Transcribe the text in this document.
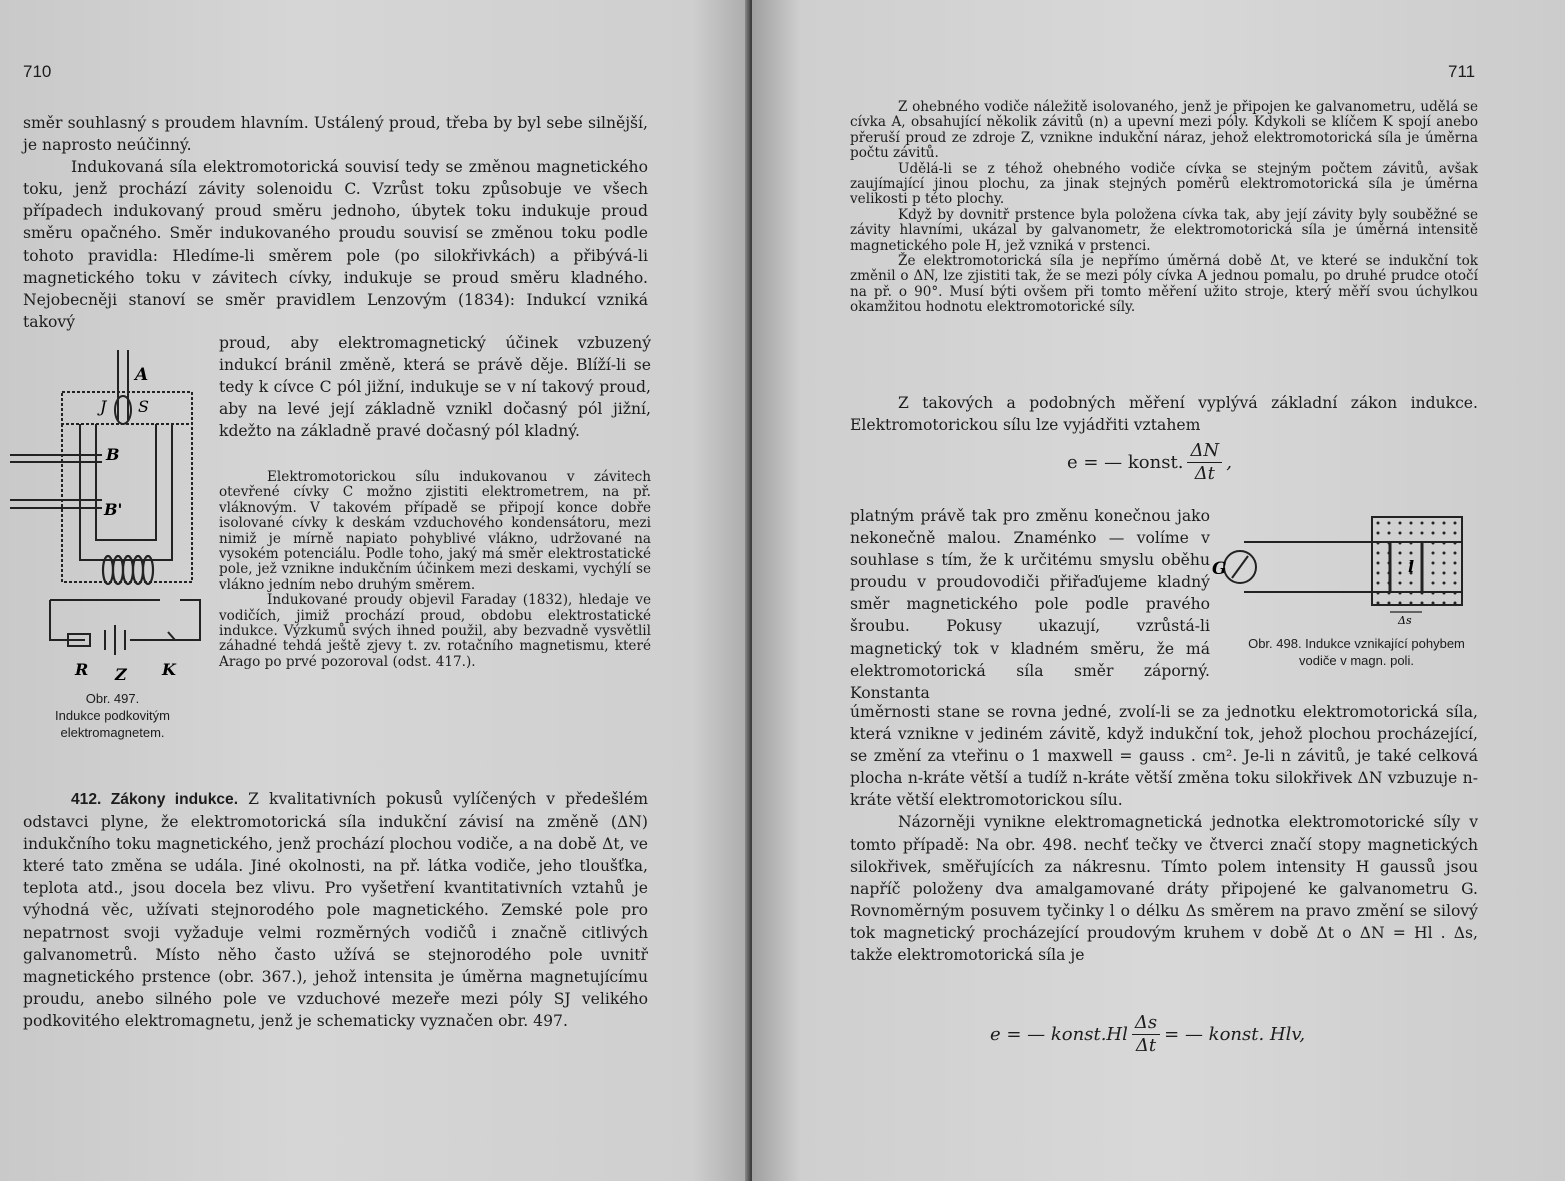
710

směr souhlasný s proudem hlavním. Ustálený proud, třeba by byl sebe silnější, je naprosto neúčinný.

Indukovaná síla elektromotorická souvisí tedy se změnou magnetického toku, jenž prochází závity solenoidu C. Vzrůst toku způsobuje ve všech případech indukovaný proud směru jednoho, úbytek toku indukuje proud směru opačného. Směr indukovaného proudu souvisí se změnou toku podle tohoto pravidla: Hledíme-li směrem pole (po silokřivkách) a přibývá-li magnetického toku v závitech cívky, indukuje se proud směru kladného. Nejobecněji stanoví se směr pravidlem Lenzovým (1834): Indukcí vzniká takový

A
J S
B
B'
R Z K
Obr. 497.
Indukce podkovitým elektromagnetem.

proud, aby elektromagnetický účinek vzbuzený indukcí bránil změně, která se právě děje. Blíží-li se tedy k cívce C pól jižní, indukuje se v ní takový proud, aby na levé její základně vznikl dočasný pól jižní, kdežto na základně pravé dočasný pól kladný.

Elektromotorickou sílu indukovanou v závitech otevřené cívky C možno zjistiti elektrometrem, na př. vláknovým. V takovém případě se připojí konce dobře isolované cívky k deskám vzduchového kondensátoru, mezi nimiž je mírně napiato pohyblivé vlákno, udržované na vysokém potenciálu. Podle toho, jaký má směr elektrostatické pole, jež vznikne indukčním účinkem mezi deskami, vychýlí se vlákno jedním nebo druhým směrem.

Indukované proudy objevil Faraday (1832), hledaje ve vodičích, jimiž prochází proud, obdobu elektrostatické indukce. Výzkumů svých ihned použil, aby bezvadně vysvětlil záhadné tehdá ještě zjevy t. zv. rotačního magnetismu, které Arago po prvé pozoroval (odst. 417.).

412. Zákony indukce. Z kvalitativních pokusů vylíčených v předešlém odstavci plyne, že elektromotorická síla indukční závisí na změně (ΔN) indukčního toku magnetického, jenž prochází plochou vodiče, a na době Δt, ve které tato změna se udála. Jiné okolnosti, na př. látka vodiče, jeho tloušťka, teplota atd., jsou docela bez vlivu. Pro vyšetření kvantitativních vztahů je výhodná věc, užívati stejnorodého pole magnetického. Zemské pole pro nepatrnost svoji vyžaduje velmi rozměrných vodičů i značně citlivých galvanometrů. Místo něho často užívá se stejnorodého pole uvnitř magnetického prstence (obr. 367.), jehož intensita je úměrna magnetujícímu proudu, anebo silného pole ve vzduchové mezeře mezi póly SJ velikého podkovitého elektromagnetu, jenž je schematicky vyznačen obr. 497.

711

Z ohebného vodiče náležitě isolovaného, jenž je připojen ke galvanometru, udělá se cívka A, obsahující několik závitů (n) a upevní mezi póly. Kdykoli se klíčem K spojí anebo přeruší proud ze zdroje Z, vznikne indukční náraz, jehož elektromotorická síla je úměrna počtu závitů.

Udělá-li se z téhož ohebného vodiče cívka se stejným počtem závitů, avšak zaujímající jinou plochu, za jinak stejných poměrů elektromotorická síla je úměrna velikosti p této plochy.

Když by dovnitř prstence byla položena cívka tak, aby její závity byly souběžné se závity hlavními, ukázal by galvanometr, že elektromotorická síla je úměrná intensitě magnetického pole H, jež vzniká v prstenci.

Že elektromotorická síla je nepřímo úměrná době Δt, ve které se indukční tok změnil o ΔN, lze zjistiti tak, že se mezi póly cívka A jednou pomalu, po druhé prudce otočí na př. o 90°. Musí býti ovšem při tomto měření užito stroje, který měří svou úchylkou okamžitou hodnotu elektromotorické síly.

Z takových a podobných měření vyplývá základní zákon indukce. Elektromotorickou sílu lze vyjádřiti vztahem

e = — konst. $\frac{\Delta N}{\Delta t}$ ,

platným právě tak pro změnu konečnou jako nekonečně malou. Znaménko — volíme v souhlase s tím, že k určitému smyslu oběhu proudu v proudovodiči přiřaďujeme kladný směr magnetického pole podle pravého šroubu. Pokusy ukazují, vzrůstá-li magnetický tok v kladném směru, že má elektromotorická síla směr záporný. Konstanta

G	l
Δs
Obr. 498. Indukce vznikající pohybem vodiče v magn. poli.

úměrnosti stane se rovna jedné, zvolí-li se za jednotku elektromotorická síla, která vznikne v jediném závitě, když indukční tok, jehož plochou procházející, se změní za vteřinu o 1 maxwell = gauss . cm². Je-li n závitů, je také celková plocha n-kráte větší a tudíž n-kráte větší změna toku silokřivek ΔN vzbuzuje n-kráte větší elektromotorickou sílu.

Názorněji vynikne elektromagnetická jednotka elektromotorické síly v tomto případě: Na obr. 498. nechť tečky ve čtverci značí stopy magnetických silokřivek, směřujících za nákresnu. Tímto polem intensity H gaussů jsou napříč položeny dva amalgamované dráty připojené ke galvanometru G. Rovnoměrným posuvem tyčinky l o délku Δs směrem na pravo změní se silový tok magnetický procházející proudovým kruhem v době Δt o ΔN = Hl . Δs, takže elektromotorická síla je

e = — konst.Hl $\frac{\Delta s}{\Delta t}$ = — konst. Hlv,
